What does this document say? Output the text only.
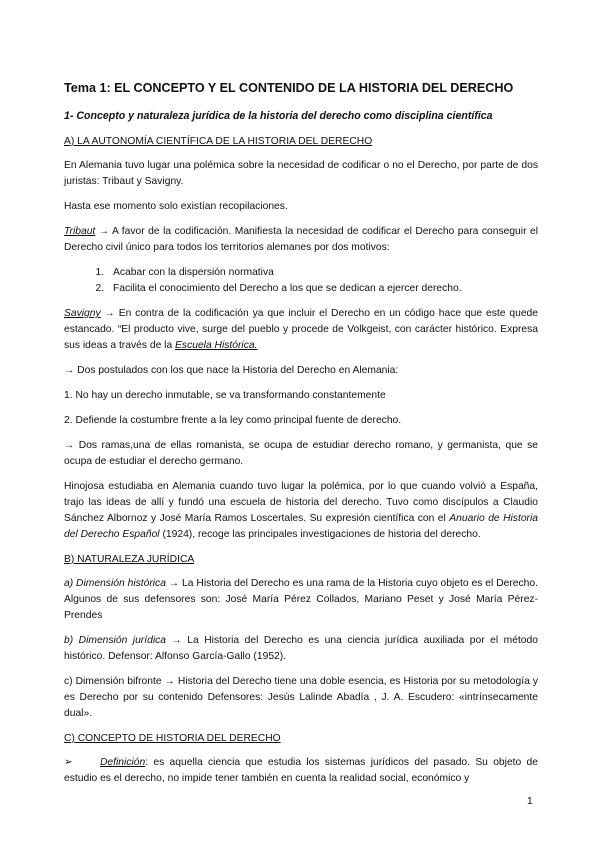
Tema 1: EL CONCEPTO Y EL CONTENIDO DE LA HISTORIA DEL DERECHO

1- Concepto y naturaleza jurídica de la historia del derecho como disciplina científica

A) LA AUTONOMÍA CIENTÍFICA DE LA HISTORIA DEL DERECHO

En Alemania tuvo lugar una polémica sobre la necesidad de codificar o no el Derecho, por parte de dos juristas: Tribaut y Savigny.

Hasta ese momento solo existían recopilaciones.

Tribaut → A favor de la codificación. Manifiesta la necesidad de codificar el Derecho para conseguir el Derecho civil único para todos los territorios alemanes por dos motivos:

1. Acabar con la dispersión normativa
2. Facilita el conocimiento del Derecho a los que se dedican a ejercer derecho.

Savigny → En contra de la codificación ya que incluir el Derecho en un código hace que este quede estancado. “El producto vive, surge del pueblo y procede de Volkgeist, con carácter histórico. Expresa sus ideas a través de la Escuela Histórica.

→ Dos postulados con los que nace la Historia del Derecho en Alemania:

1. No hay un derecho inmutable, se va transformando constantemente

2. Defiende la costumbre frente a la ley como principal fuente de derecho.

→ Dos ramas,una de ellas romanista, se ocupa de estudiar derecho romano, y germanista, que se ocupa de estudiar el derecho germano.

Hinojosa estudiaba en Alemania cuando tuvo lugar la polémica, por lo que cuando volvió a España, trajo las ideas de allí y fundó una escuela de historia del derecho. Tuvo como discípulos a Claudio Sánchez Albornoz y José María Ramos Loscertales. Su expresión científica con el Anuario de Historia del Derecho Español (1924), recoge las principales investigaciones de historia del derecho.

B) NATURALEZA JURÍDICA

a) Dimensión histórica → La Historia del Derecho es una rama de la Historia cuyo objeto es el Derecho. Algunos de sus defensores son: José María Pérez Collados, Mariano Peset y José María Pérez-Prendes

b) Dimensión jurídica → La Historia del Derecho es una ciencia jurídica auxiliada por el método histórico. Defensor: Alfonso García-Gallo (1952).

c) Dimensión bifronte → Historia del Derecho tiene una doble esencia, es Historia por su metodología y es Derecho por su contenido Defensores: Jesús Lalinde Abadía , J. A. Escudero: «intrínsecamente dual».

C) CONCEPTO DE HISTORIA DEL DERECHO

➢	Definición: es aquella ciencia que estudia los sistemas jurídicos del pasado. Su objeto de estudio es el derecho, no impide tener también en cuenta la realidad social, económico y

1
